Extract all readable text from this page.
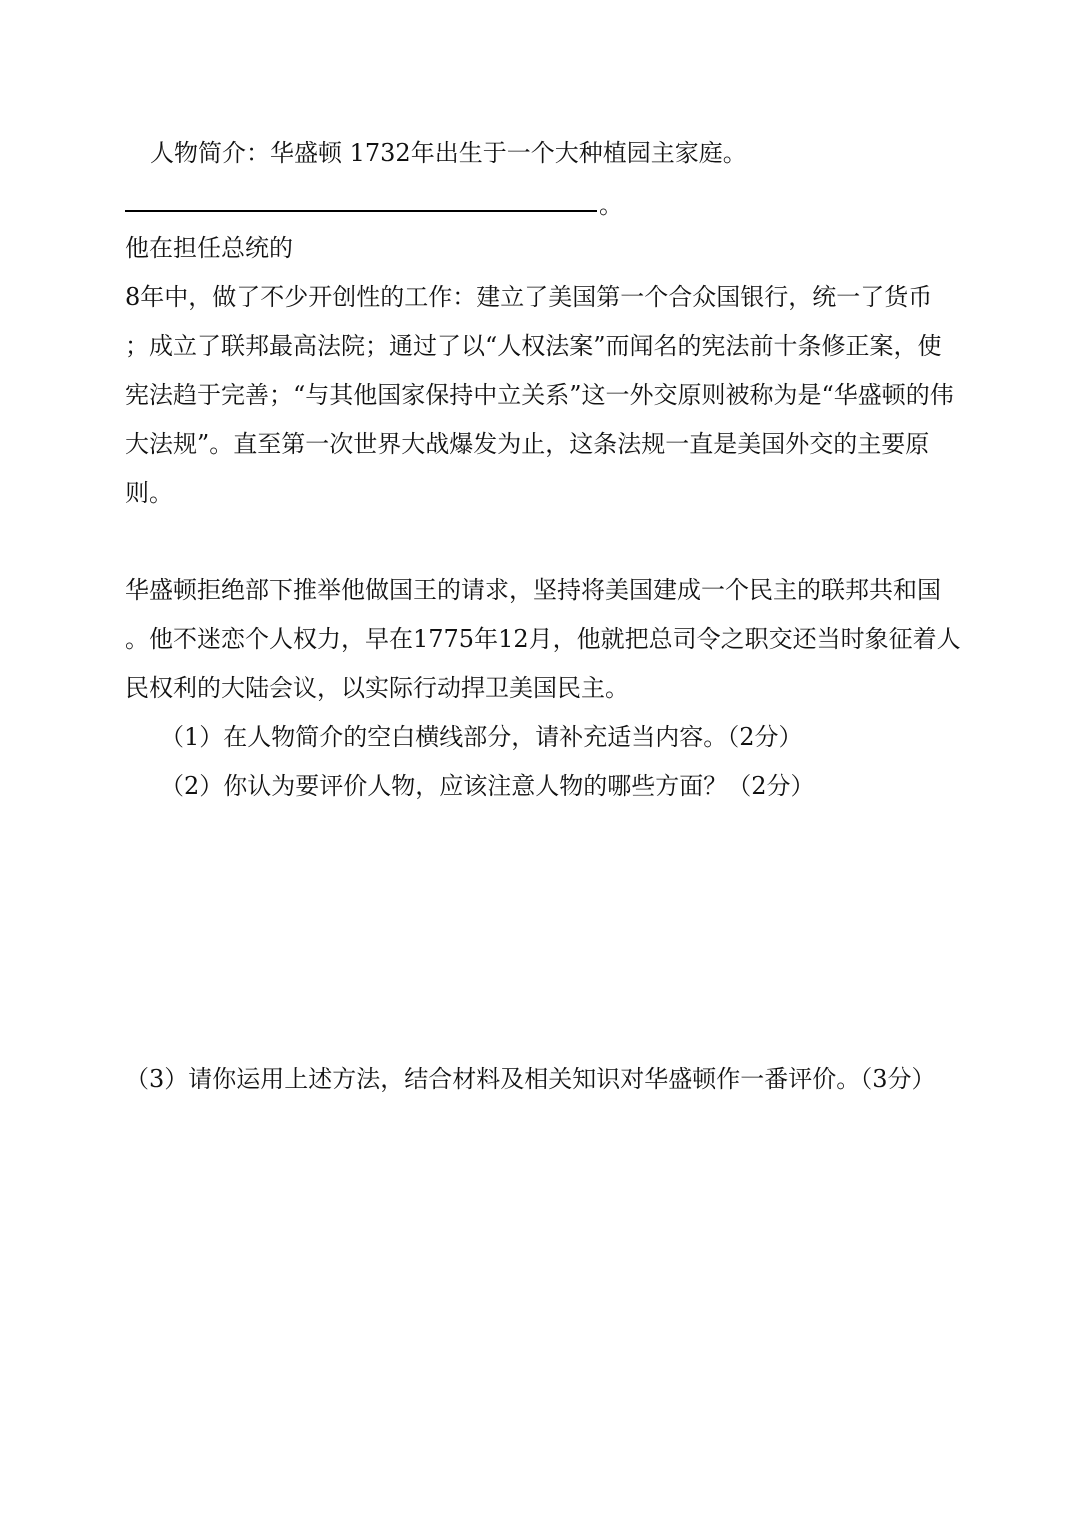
人物简介：华盛顿 1732年出生于一个大种植园主家庭。
。
他在担任总统的
8年中，做了不少开创性的工作：建立了美国第一个合众国银行，统一了货币
；成立了联邦最高法院；通过了以“人权法案”而闻名的宪法前十条修正案，使
宪法趋于完善；“与其他国家保持中立关系”这一外交原则被称为是“华盛顿的伟
大法规”。直至第一次世界大战爆发为止，这条法规一直是美国外交的主要原
则。
华盛顿拒绝部下推举他做国王的请求，坚持将美国建成一个民主的联邦共和国
。他不迷恋个人权力，早在1775年12月，他就把总司令之职交还当时象征着人
民权利的大陆会议，以实际行动捍卫美国民主。
（1）在人物简介的空白横线部分，请补充适当内容。（2分）
（2）你认为要评价人物，应该注意人物的哪些方面？（2分）
（3）请你运用上述方法，结合材料及相关知识对华盛顿作一番评价。（3分）
